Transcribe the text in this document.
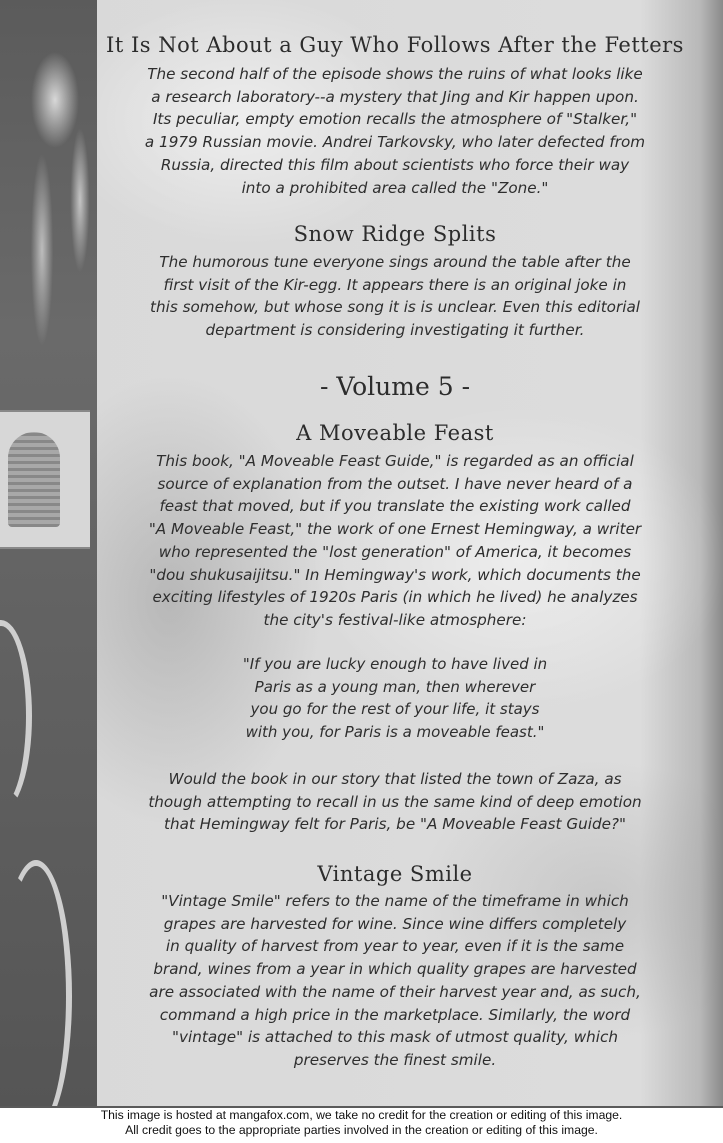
It Is Not About a Guy Who Follows After the Fetters

The second half of the episode shows the ruins of what looks like
a research laboratory--a mystery that Jing and Kir happen upon.
Its peculiar, empty emotion recalls the atmosphere of "Stalker,"
a 1979 Russian movie. Andrei Tarkovsky, who later defected from
Russia, directed this film about scientists who force their way
into a prohibited area called the "Zone."

Snow Ridge Splits

The humorous tune everyone sings around the table after the
first visit of the Kir-egg. It appears there is an original joke in
this somehow, but whose song it is is unclear. Even this editorial
department is considering investigating it further.

- Volume 5 -
A Moveable Feast

This book, "A Moveable Feast Guide," is regarded as an official
source of explanation from the outset. I have never heard of a
feast that moved, but if you translate the existing work called
"A Moveable Feast," the work of one Ernest Hemingway, a writer
who represented the "lost generation" of America, it becomes
"dou shukusaijitsu." In Hemingway's work, which documents the
exciting lifestyles of 1920s Paris (in which he lived) he analyzes
the city's festival-like atmosphere:

"If you are lucky enough to have lived in
Paris as a young man, then wherever
you go for the rest of your life, it stays
with you, for Paris is a moveable feast."

Would the book in our story that listed the town of Zaza, as
though attempting to recall in us the same kind of deep emotion
that Hemingway felt for Paris, be "A Moveable Feast Guide?"

Vintage Smile

"Vintage Smile" refers to the name of the timeframe in which
grapes are harvested for wine. Since wine differs completely
in quality of harvest from year to year, even if it is the same
brand, wines from a year in which quality grapes are harvested
are associated with the name of their harvest year and, as such,
command a high price in the marketplace. Similarly, the word
"vintage" is attached to this mask of utmost quality, which
preserves the finest smile.

This image is hosted at mangafox.com, we take no credit for the creation or editing of this image.
All credit goes to the appropriate parties involved in the creation or editing of this image.
